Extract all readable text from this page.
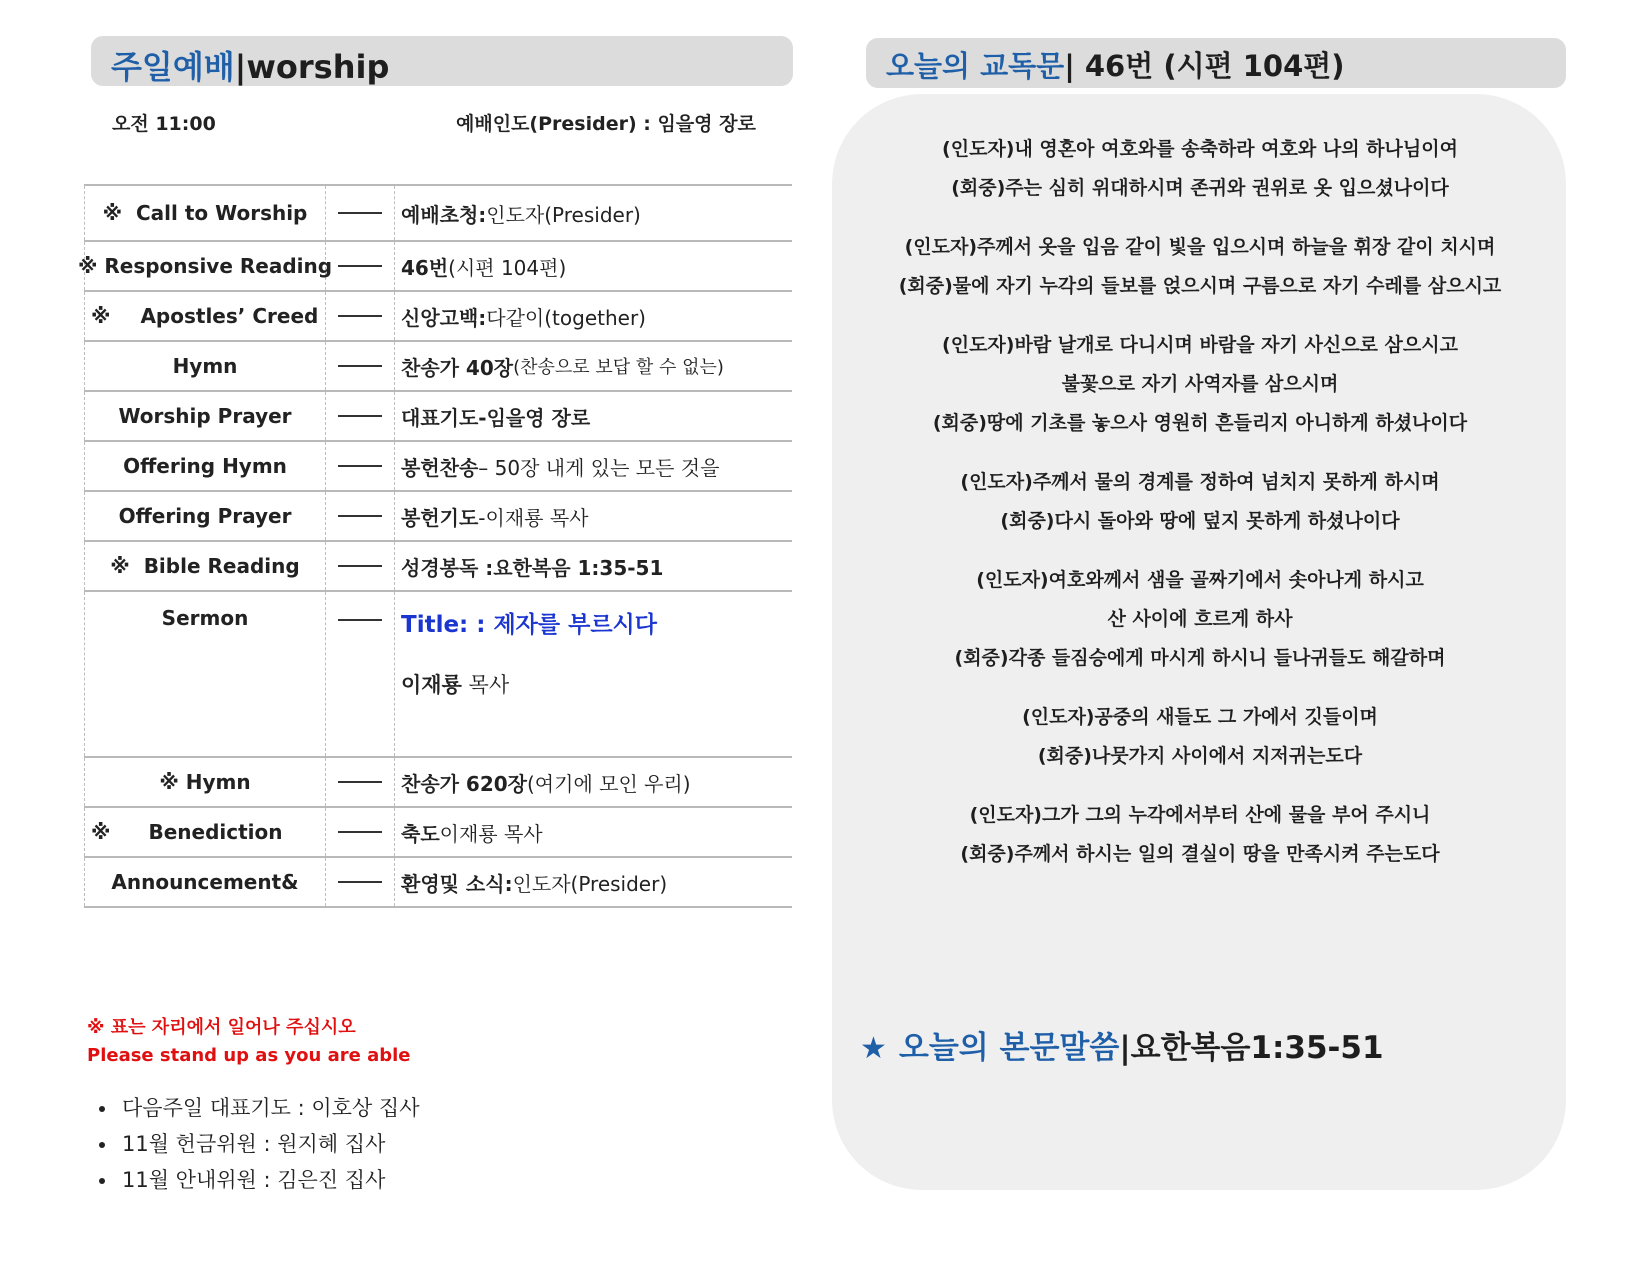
주일예배|worship
오전 11:00	예배인도(Presider) : 임을영 장로
※
Call to Worship		예배초청: 인도자(Presider)

※
Responsive Reading		46번 (시편 104편)

※ Apostles’ Creed		신앙고백: 다같이(together)

Hymn		찬송가 40장 (찬송으로 보답 할 수 없는)

Worship Prayer		대표기도-임을영 장로

Offering Hymn		봉헌찬송 – 50장 내게 있는 모든 것을

Offering Prayer		봉헌기도 -이재룡 목사

※
Bible Reading		성경봉독 :요한복음 1:35-51

Sermon		Title: : 제자를 부르시다
이재룡 목사

※
Hymn		찬송가 620장 (여기에 모인 우리)

※ Benediction		축도 이재룡 목사

Announcement&		환영및 소식: 인도자(Presider)
※ 표는 자리에서 일어나 주십시오
Please stand up as you are able
• 다음주일 대표기도 : 이호상 집사
• 11월 헌금위원 : 원지혜 집사
• 11월 안내위원 : 김은진 집사
오늘의 교독문| 46번 (시편 104편)
(인도자)내 영혼아 여호와를 송축하라 여호와 나의 하나님이여
(회중)주는 심히 위대하시며 존귀와 권위로 옷 입으셨나이다
(인도자)주께서 옷을 입음 같이 빛을 입으시며 하늘을 휘장 같이 치시며
(회중)물에 자기 누각의 들보를 얹으시며 구름으로 자기 수레를 삼으시고
(인도자)바람 날개로 다니시며 바람을 자기 사신으로 삼으시고
불꽃으로 자기 사역자를 삼으시며
(회중)땅에 기초를 놓으사 영원히 흔들리지 아니하게 하셨나이다
(인도자)주께서 물의 경계를 정하여 넘치지 못하게 하시며
(회중)다시 돌아와 땅에 덮지 못하게 하셨나이다
(인도자)여호와께서 샘을 골짜기에서 솟아나게 하시고
산 사이에 흐르게 하사
(회중)각종 들짐승에게 마시게 하시니 들나귀들도 해갈하며
(인도자)공중의 새들도 그 가에서 깃들이며
(회중)나뭇가지 사이에서 지저귀는도다
(인도자)그가 그의 누각에서부터 산에 물을 부어 주시니
(회중)주께서 하시는 일의 결실이 땅을 만족시켜 주는도다
★ 오늘의 본문말씀|요한복음1:35-51
